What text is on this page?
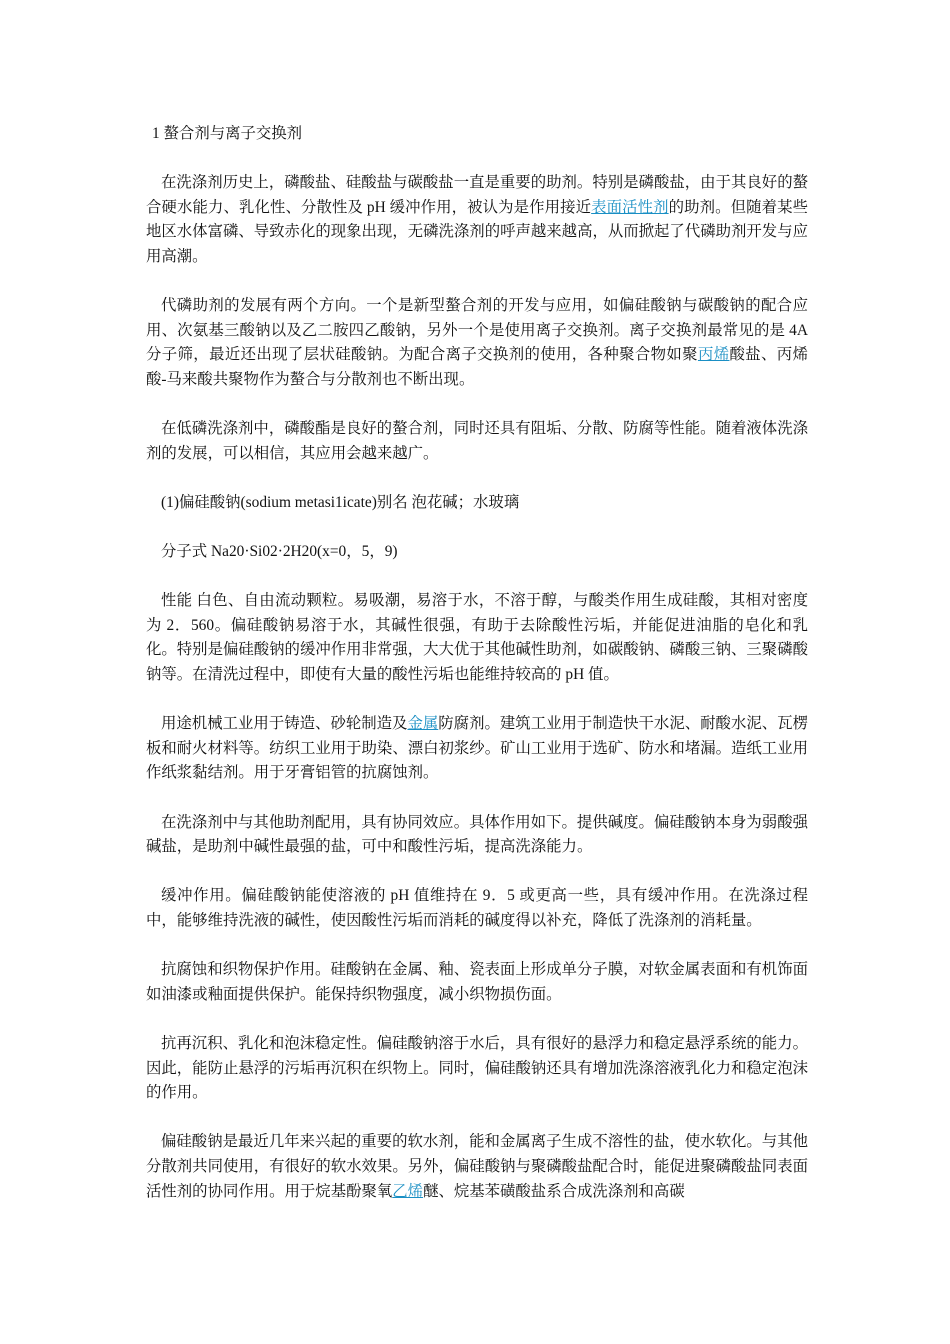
1 螯合剂与离子交换剂

在洗涤剂历史上，磷酸盐、硅酸盐与碳酸盐一直是重要的助剂。特别是磷酸盐，由于其良好的螯合硬水能力、乳化性、分散性及 pH 缓冲作用，被认为是作用接近表面活性剂的助剂。但随着某些地区水体富磷、导致赤化的现象出现，无磷洗涤剂的呼声越来越高，从而掀起了代磷助剂开发与应用高潮。

代磷助剂的发展有两个方向。一个是新型螯合剂的开发与应用，如偏硅酸钠与碳酸钠的配合应用、次氨基三酸钠以及乙二胺四乙酸钠，另外一个是使用离子交换剂。离子交换剂最常见的是 4A 分子筛，最近还出现了层状硅酸钠。为配合离子交换剂的使用，各种聚合物如聚丙烯酸盐、丙烯酸-马来酸共聚物作为螯合与分散剂也不断出现。

在低磷洗涤剂中，磷酸酯是良好的螯合剂，同时还具有阻垢、分散、防腐等性能。随着液体洗涤剂的发展，可以相信，其应用会越来越广。

(1)偏硅酸钠(sodium metasi1icate)别名 泡花碱；水玻璃

分子式 Na20·Si02·2H20(x=0，5，9)

性能 白色、自由流动颗粒。易吸潮，易溶于水，不溶于醇，与酸类作用生成硅酸，其相对密度为 2．560。偏硅酸钠易溶于水，其碱性很强，有助于去除酸性污垢，并能促进油脂的皂化和乳化。特别是偏硅酸钠的缓冲作用非常强，大大优于其他碱性助剂，如碳酸钠、磷酸三钠、三聚磷酸钠等。在清洗过程中，即使有大量的酸性污垢也能维持较高的 pH 值。

用途机械工业用于铸造、砂轮制造及金属防腐剂。建筑工业用于制造快干水泥、耐酸水泥、瓦楞板和耐火材料等。纺织工业用于助染、漂白初浆纱。矿山工业用于选矿、防水和堵漏。造纸工业用作纸浆黏结剂。用于牙膏铝管的抗腐蚀剂。

在洗涤剂中与其他助剂配用，具有协同效应。具体作用如下。提供碱度。偏硅酸钠本身为弱酸强碱盐，是助剂中碱性最强的盐，可中和酸性污垢，提高洗涤能力。

缓冲作用。偏硅酸钠能使溶液的 pH 值维持在 9．5 或更高一些，具有缓冲作用。在洗涤过程中，能够维持洗液的碱性，使因酸性污垢而消耗的碱度得以补充，降低了洗涤剂的消耗量。

抗腐蚀和织物保护作用。硅酸钠在金属、釉、瓷表面上形成单分子膜，对软金属表面和有机饰面如油漆或釉面提供保护。能保持织物强度，减小织物损伤面。

抗再沉积、乳化和泡沫稳定性。偏硅酸钠溶于水后，具有很好的悬浮力和稳定悬浮系统的能力。因此，能防止悬浮的污垢再沉积在织物上。同时，偏硅酸钠还具有增加洗涤溶液乳化力和稳定泡沫的作用。

偏硅酸钠是最近几年来兴起的重要的软水剂，能和金属离子生成不溶性的盐，使水软化。与其他分散剂共同使用，有很好的软水效果。另外，偏硅酸钠与聚磷酸盐配合时，能促进聚磷酸盐同表面活性剂的协同作用。用于烷基酚聚氧乙烯醚、烷基苯磺酸盐系合成洗涤剂和高碳
